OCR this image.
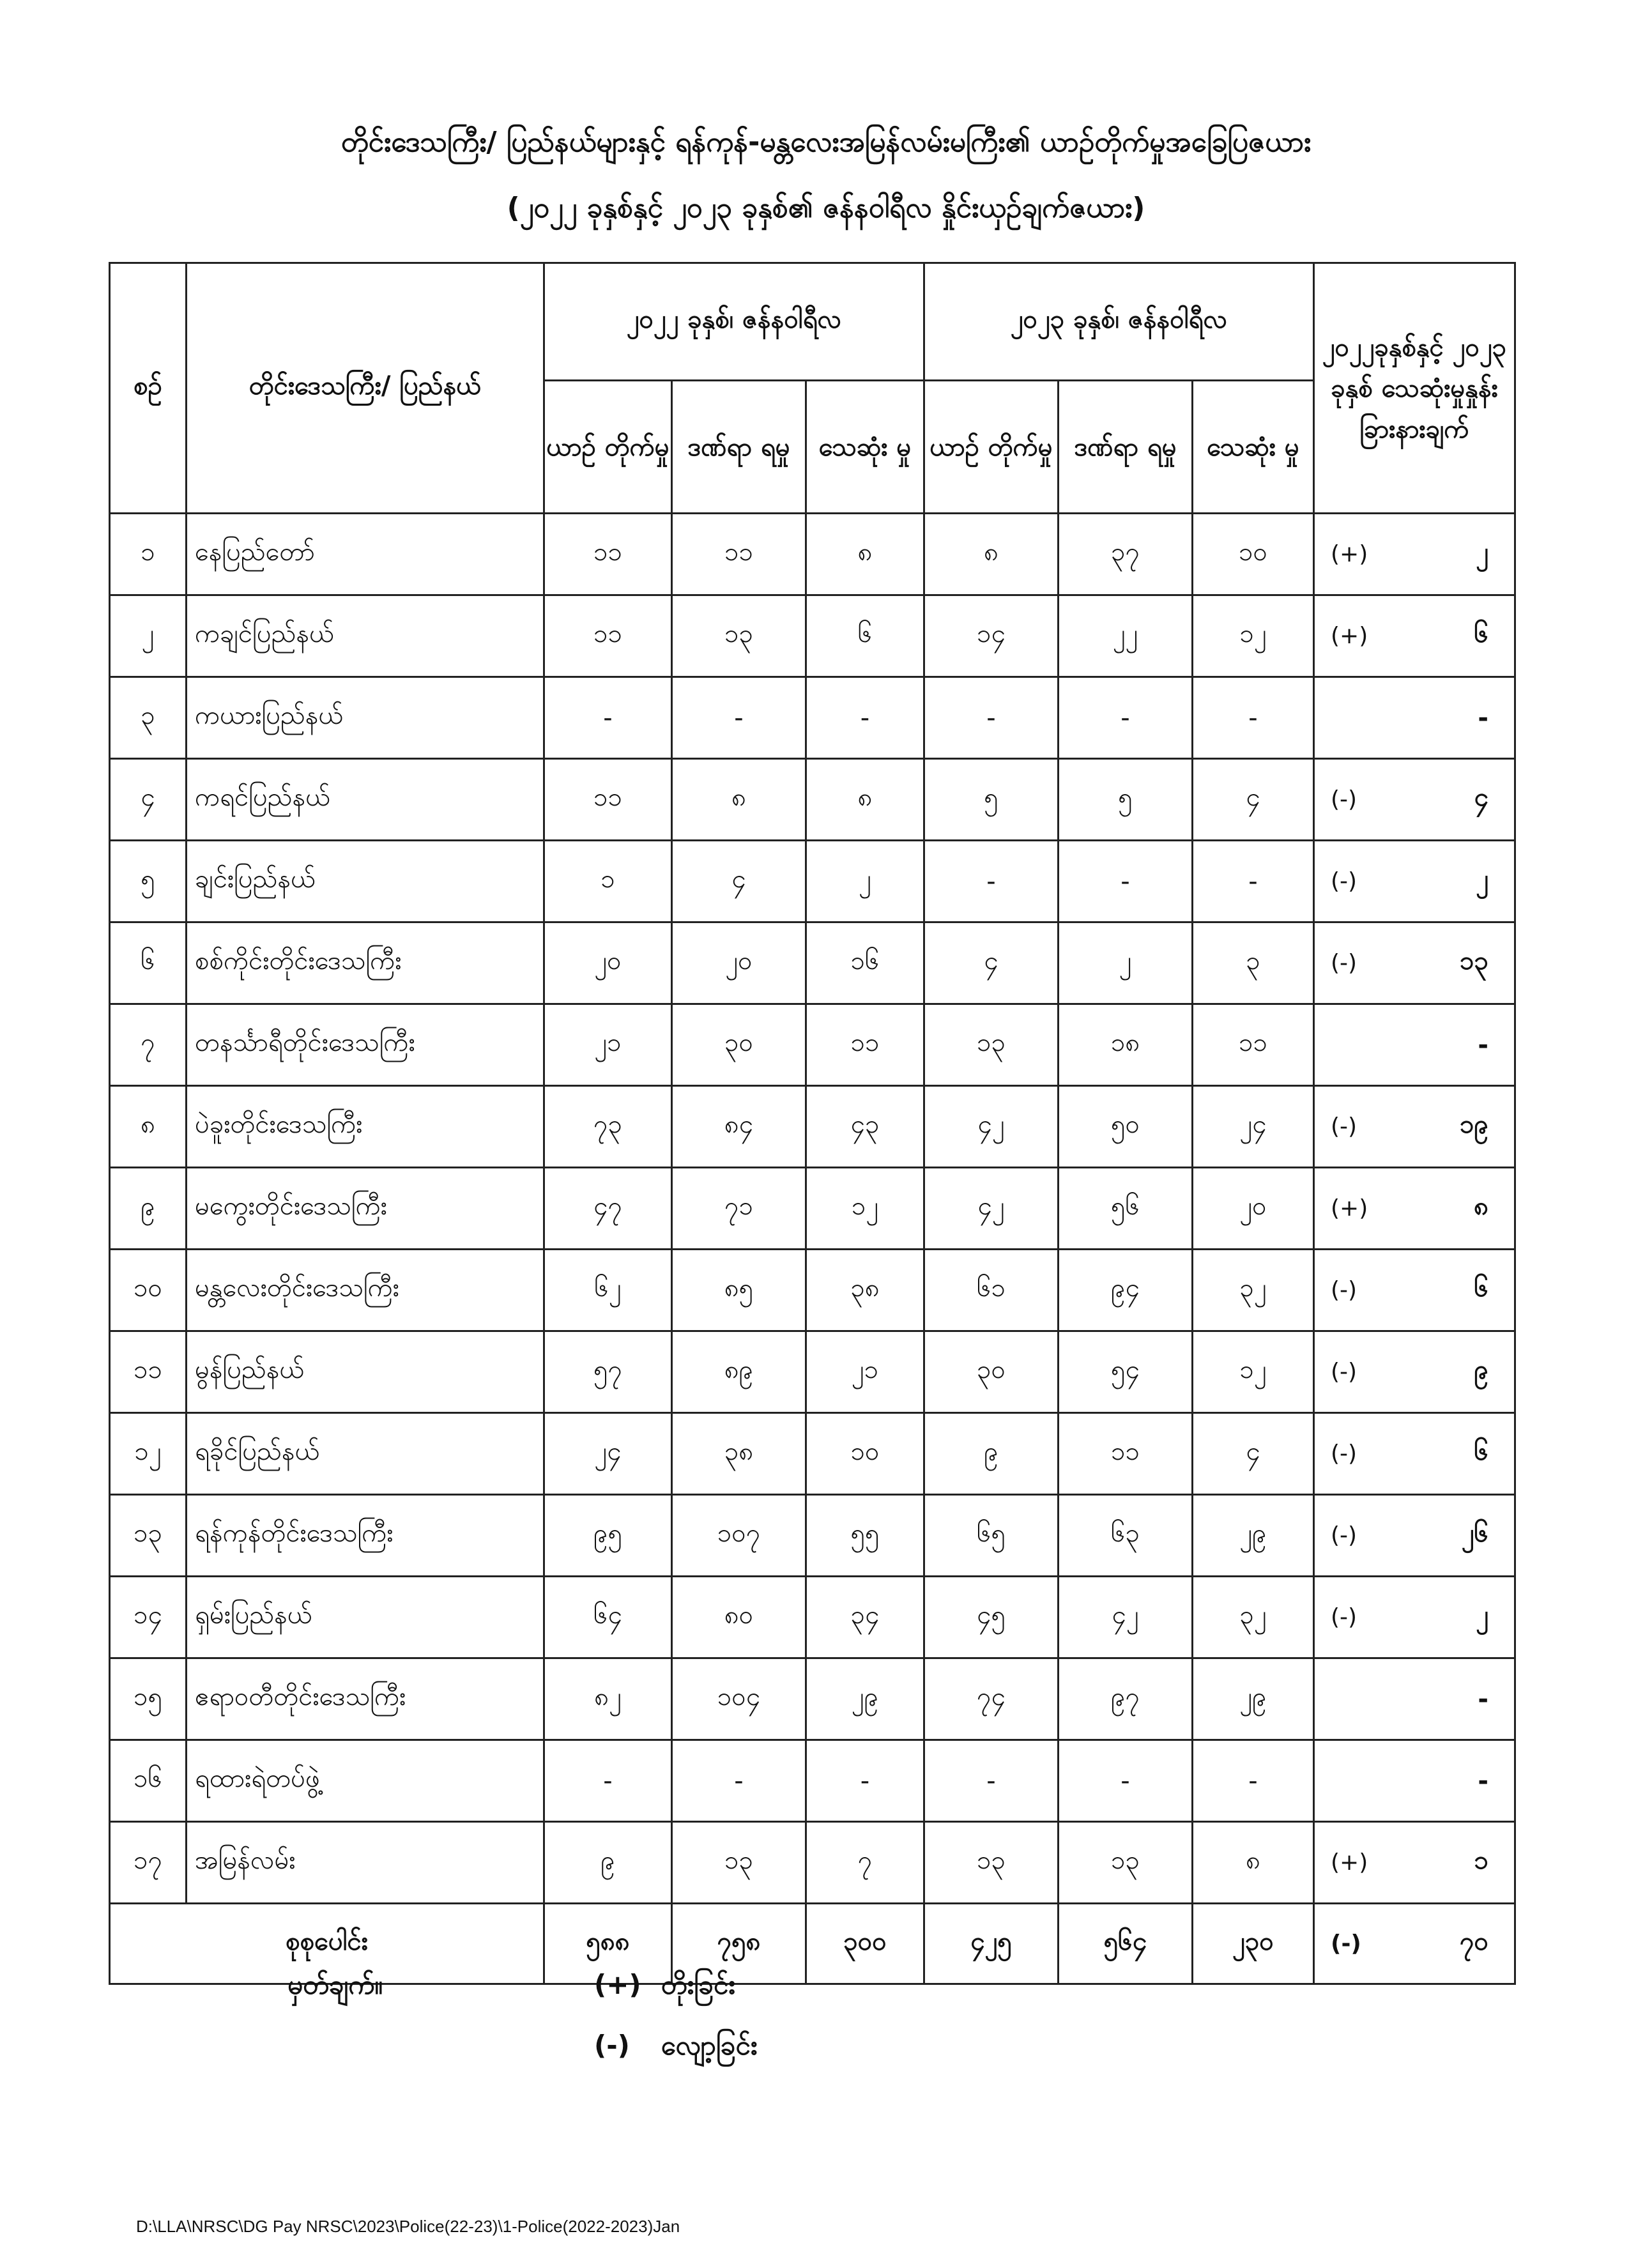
တိုင်းဒေသကြီး/ ပြည်နယ်များနှင့် ရန်ကုန်-မန္တလေးအမြန်လမ်းမကြီး၏ ယာဉ်တိုက်မှုအခြေပြဇယား
(၂၀၂၂ ခုနှစ်နှင့် ၂၀၂၃ ခုနှစ်၏ ဇန်နဝါရီလ နှိုင်းယှဉ်ချက်ဇယား)
စဉ်	တိုင်းဒေသကြီး/ ပြည်နယ်	၂၀၂၂ ခုနှစ်၊ ဇန်နဝါရီလ			၂၀၂၃ ခုနှစ်၊ ဇန်နဝါရီလ			၂၀၂၂ခုနှစ်နှင့် ၂၀၂၃ ခုနှစ် သေဆုံးမှုနှုန်း ခြားနားချက်
		ယာဉ် တိုက်မှု	ဒဏ်ရာ ရမှု	သေဆုံး မှု	ယာဉ် တိုက်မှု	ဒဏ်ရာ ရမှု	သေဆုံး မှု	
၁	နေပြည်တော်	၁၁	၁၁	၈	၈	၃၇	၁၀	(+) ၂

၂	ကချင်ပြည်နယ်	၁၁	၁၃	၆	၁၄	၂၂	၁၂	(+) ၆

၃	ကယားပြည်နယ်	-	-	-	-	-	-	-

၄	ကရင်ပြည်နယ်	၁၁	၈	၈	၅	၅	၄	(-) ၄

၅	ချင်းပြည်နယ်	၁	၄	၂	-	-	-	(-) ၂

၆	စစ်ကိုင်းတိုင်းဒေသကြီး	၂၀	၂၀	၁၆	၄	၂	၃	(-) ၁၃

၇	တနင်္သာရီတိုင်းဒေသကြီး	၂၁	၃၀	၁၁	၁၃	၁၈	၁၁	-

၈	ပဲခူးတိုင်းဒေသကြီး	၇၃	၈၄	၄၃	၄၂	၅၀	၂၄	(-) ၁၉

၉	မကွေးတိုင်းဒေသကြီး	၄၇	၇၁	၁၂	၄၂	၅၆	၂၀	(+) ၈

၁၀	မန္တလေးတိုင်းဒေသကြီး	၆၂	၈၅	၃၈	၆၁	၉၄	၃၂	(-) ၆

၁၁	မွန်ပြည်နယ်	၅၇	၈၉	၂၁	၃၀	၅၄	၁၂	(-) ၉

၁၂	ရခိုင်ပြည်နယ်	၂၄	၃၈	၁၀	၉	၁၁	၄	(-) ၆

၁၃	ရန်ကုန်တိုင်းဒေသကြီး	၉၅	၁၀၇	၅၅	၆၅	၆၃	၂၉	(-) ၂၆

၁၄	ရှမ်းပြည်နယ်	၆၄	၈၀	၃၄	၄၅	၄၂	၃၂	(-) ၂

၁၅	ဧရာဝတီတိုင်းဒေသကြီး	၈၂	၁၀၄	၂၉	၇၄	၉၇	၂၉	-

၁၆	ရထားရဲတပ်ဖွဲ့	-	-	-	-	-	-	-

၁၇	အမြန်လမ်း	၉	၁၃	၇	၁၃	၁၃	၈	(+) ၁

စုစုပေါင်း		၅၈၈	၇၅၈	၃၀၀	၄၂၅	၅၆၄	၂၃၀	(-) ၇၀
မှတ်ချက်။	(+) တိုးခြင်း
(-) လျော့ခြင်း
D:\LLA\NRSC\DG Pay NRSC\2023\Police(22-23)\1-Police(2022-2023)Jan
